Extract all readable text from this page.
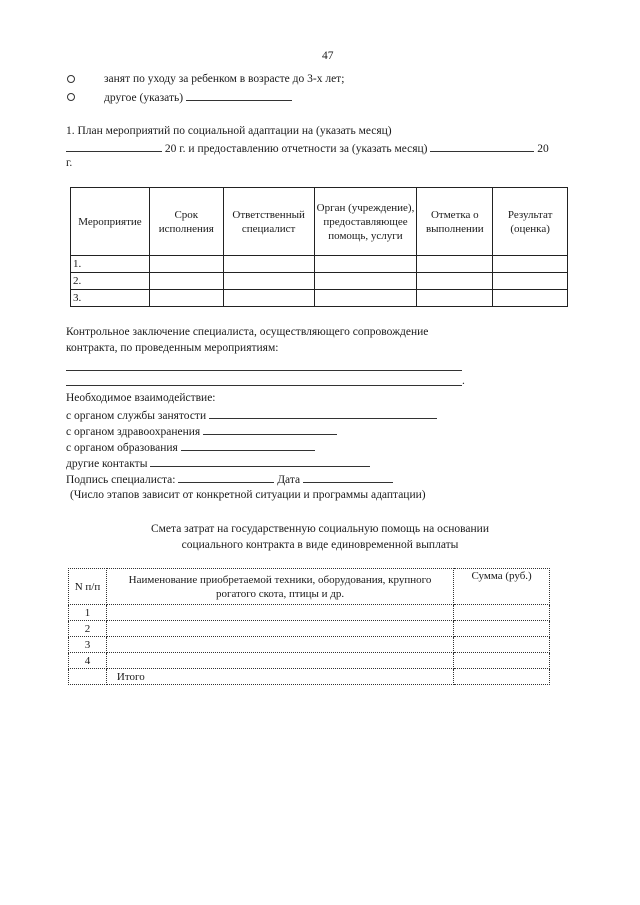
47
занят по уходу за ребенком в возрасте до 3-х лет;
другое (указать)
1. План мероприятий по социальной адаптации на (указать месяц)
20 г. и предоставлению отчетности за (указать месяц)	20
г.
Мероприятие	Срок исполнения	Ответственный специалист	Орган (учреждение), предоставляющее помощь, услуги	Отметка о выполнении	Результат (оценка)
1.					
2.					
3.					
Контрольное заключение специалиста, осуществляющего сопровождение
контракта, по проведенным мероприятиям:
.
Необходимое взаимодействие:
с органом службы занятости
с органом здравоохранения
с органом образования
другие контакты
Подпись специалиста:	Дата
(Число этапов зависит от конкретной ситуации и программы адаптации)
Смета затрат на государственную социальную помощь на основании
социального контракта в виде единовременной выплаты
N п/п	Наименование приобретаемой техники, оборудования, крупного рогатого скота, птицы и др.	Сумма (руб.)
1		
2		
3		
4		
	Итого	
